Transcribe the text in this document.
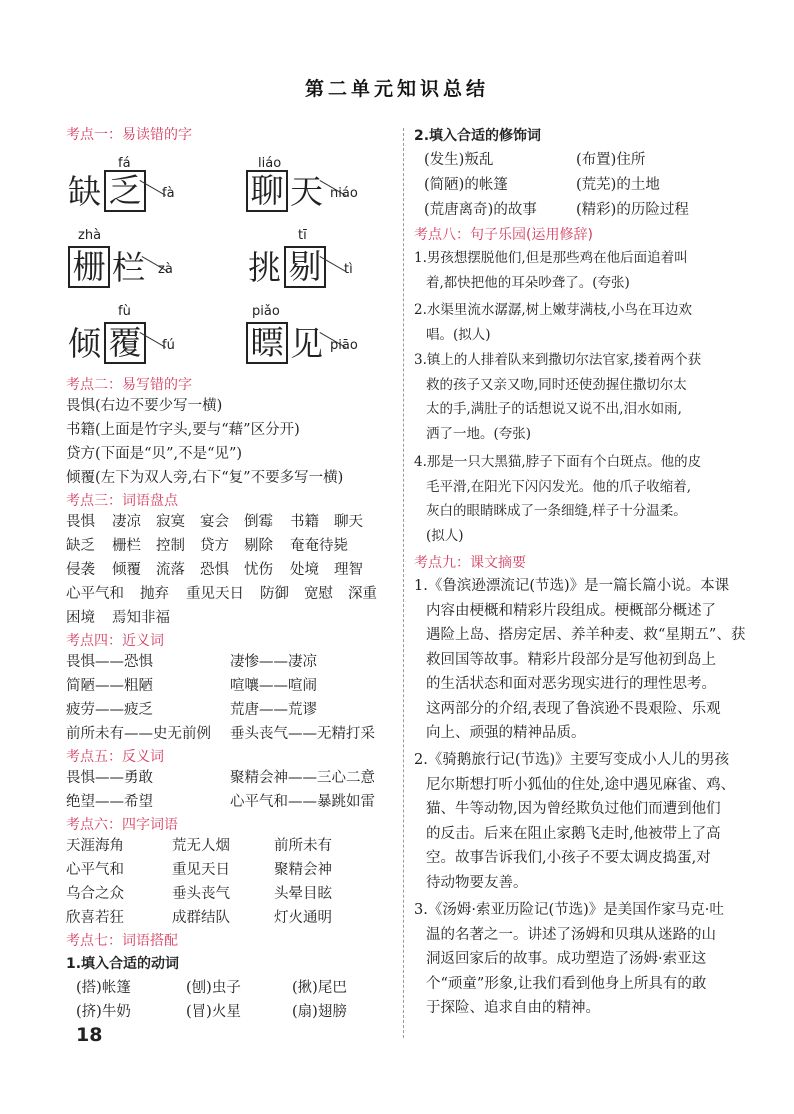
第二单元知识总结
考点一：易读错的字
fá
缺 乏	fà
liáo
聊 天 niáo
zhà
栅 栏 zà
tī
挑 剔	tì
fù
倾 覆	fú
piǎo
瞟 见 piāo
考点二：易写错的字
畏惧(右边不要少写一横)
书籍(上面是竹字头,要与“藉”区分开)
贷方(下面是“贝”,不是“见”)
倾覆(左下为双人旁,右下“复”不要多写一横)
考点三：词语盘点
畏惧 凄凉 寂寞 宴会 倒霉 书籍 聊天
缺乏 栅栏 控制 贷方 剔除 奄奄待毙
侵袭 倾覆 流落 恐惧 忧伤 处境 理智
心平气和 抛弃 重见天日 防御 宽慰 深重
困境 焉知非福
考点四：近义词
畏惧——恐惧	凄惨——凄凉
简陋——粗陋	喧嚷——喧闹
疲劳——疲乏	荒唐——荒谬
前所未有——史无前例 垂头丧气——无精打采
考点五：反义词
畏惧——勇敢	聚精会神——三心二意
绝望——希望	心平气和——暴跳如雷
考点六：四字词语
天涯海角	荒无人烟	前所未有
心平气和	重见天日	聚精会神
乌合之众	垂头丧气	头晕目眩
欣喜若狂	成群结队	灯火通明
考点七：词语搭配
1.填入合适的动词
(搭)帐篷	(刨)虫子	(揪)尾巴
(挤)牛奶	(冒)火星	(扇)翅膀
18
2.填入合适的修饰词
(发生)叛乱	(布置)住所
(简陋)的帐篷	(荒芜)的土地
(荒唐离奇)的故事	(精彩)的历险过程
考点八：句子乐园(运用修辞)
1.男孩想摆脱他们,但是那些鸡在他后面追着叫
着,都快把他的耳朵吵聋了。(夸张)
2.水渠里流水潺潺,树上嫩芽满枝,小鸟在耳边欢
唱。(拟人)
3.镇上的人排着队来到撒切尔法官家,搂着两个获
救的孩子又亲又吻,同时还使劲握住撒切尔太
太的手,满肚子的话想说又说不出,泪水如雨,
洒了一地。(夸张)
4.那是一只大黑猫,脖子下面有个白斑点。他的皮
毛平滑,在阳光下闪闪发光。他的爪子收缩着,
灰白的眼睛眯成了一条细缝,样子十分温柔。
(拟人)
考点九：课文摘要
1.《鲁滨逊漂流记(节选)》是一篇长篇小说。本课
内容由梗概和精彩片段组成。梗概部分概述了
遇险上岛、搭房定居、养羊种麦、救“星期五”、获
救回国等故事。精彩片段部分是写他初到岛上
的生活状态和面对恶劣现实进行的理性思考。
这两部分的介绍,表现了鲁滨逊不畏艰险、乐观
向上、顽强的精神品质。
2.《骑鹅旅行记(节选)》主要写变成小人儿的男孩
尼尔斯想打听小狐仙的住处,途中遇见麻雀、鸡、
猫、牛等动物,因为曾经欺负过他们而遭到他们
的反击。后来在阻止家鹅飞走时,他被带上了高
空。故事告诉我们,小孩子不要太调皮捣蛋,对
待动物要友善。
3.《汤姆·索亚历险记(节选)》是美国作家马克·吐
温的名著之一。讲述了汤姆和贝琪从迷路的山
洞返回家后的故事。成功塑造了汤姆·索亚这
个“顽童”形象,让我们看到他身上所具有的敢
于探险、追求自由的精神。
